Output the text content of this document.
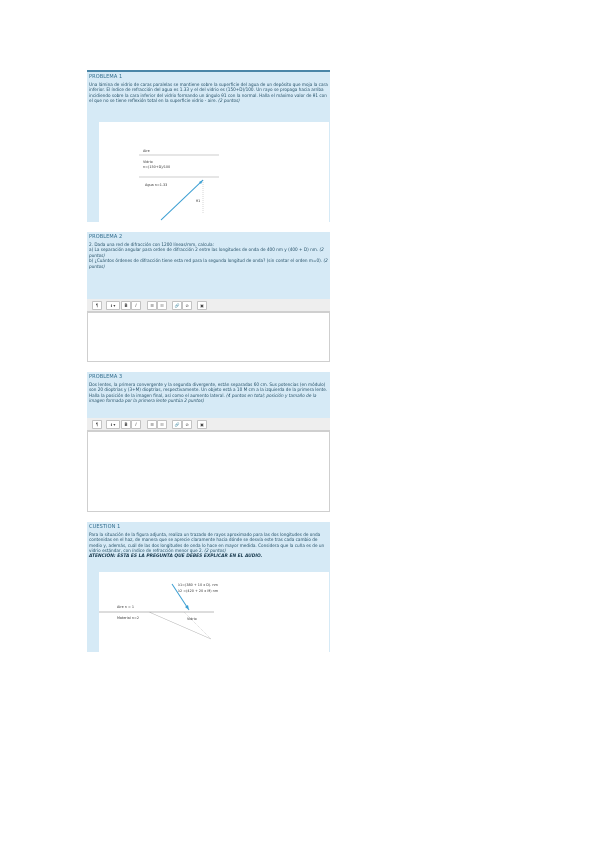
PROBLEMA 1

Una lámina de vidrio de caras paralelas se mantiene sobre la superficie del agua de un depósito que moja la cara inferior. El índice de refracción del agua es 1.33 y el del vidrio es (150+D)/100. Un rayo se propaga hacia arriba incidiendo sobre la cara inferior del vidrio formando un ángulo θ1 con la normal. Halla el máximo valor de θ1 con el que no se tiene reflexión total en la superficie vidrio - aire. (2 puntos)

Aire
Vidrio
n=(150+D)/100
Agua n=1.33
θ1

PROBLEMA 2

2. Dada una red de difracción con 1200 líneas/mm, calcula:

a) La separación angular para orden de difracción 2 entre las longitudes de onda de 400 nm y (400 + D) nm. (2 puntos)

b) ¿Cuántos órdenes de difracción tiene esta red para la segunda longitud de onda? (sin contar el orden m=0). (2 puntos)

¶	ℹ ▾	B	I	☰	☷	🔗	⊘	▣

PROBLEMA 3

Dos lentes, la primera convergente y la segunda divergente, están separadas 60 cm. Sus potencias (en módulo) son 20 dioptrías y (3+M) dioptrías, respectivamente. Un objeto está a 10 M cm a la izquierda de la primera lente. Halla la posición de la imagen final, así como el aumento lateral. (4 puntos en total; posición y tamaño de la imagen formada por la primera lente puntúa 2 puntos)

¶	ℹ ▾	B	I	☰	☷	🔗	⊘	▣

CUESTION 1

Para la situación de la figura adjunta, realiza un trazado de rayos aproximado para las dos longitudes de onda contenidas en el haz, de manera que se aprecie claramente hacia dónde se desvía este tras cada cambio de medio y, además, cuál de las dos longitudes de onda lo hace en mayor medida. Considera que la cuña es de un vidrio estándar, con índice de refracción menor que 2. (2 puntos)

ATENCIÓN: ESTA ES LA PREGUNTA QUE DEBES EXPLICAR EN EL AUDIO.

λ1=(380 + 10 x D). nm
λ2 =(420 + 20 x M) nm
Aire n = 1
Material n=2	Vidrio
